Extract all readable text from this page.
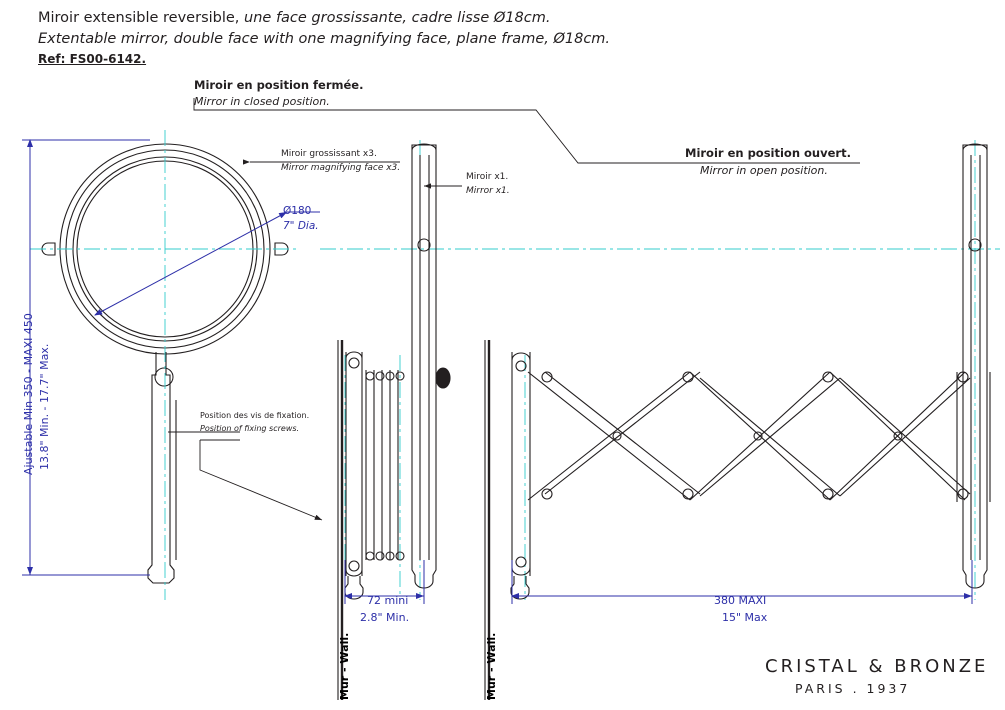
Miroir extensible reversible, une face grossissante, cadre lisse Ø18cm.
Extentable mirror, double face with one magnifying face, plane frame, Ø18cm.
Ref: FS00-6142.
Miroir en position fermée.
Mirror in closed position.
Miroir en position ouvert.
Mirror in open position.
Miroir grossissant x3.
Mirror magnifying face x3.
Miroir x1.
Mirror x1.
Position des vis de fixation.
Position of fixing screws.
Ø180
7" Dia.
Ajustable Min 350 - MAXI 450 13.8" Min. - 17.7" Max.
72 mini
2.8" Min.
380 MAXI
15" Max
Mur - Wall.	Mur - Wall.	CRISTAL & BRONZE
PARIS . 1937
